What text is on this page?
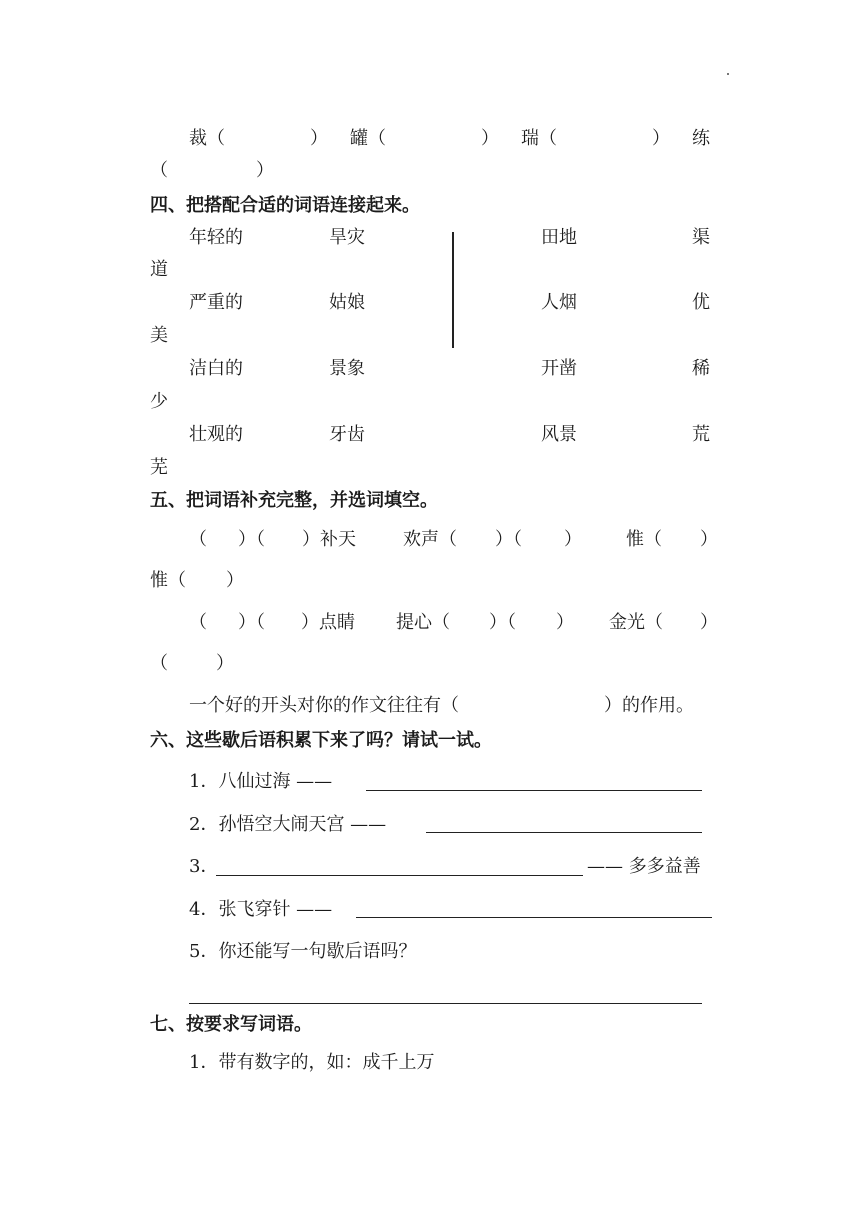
裁（	） 罐（	） 瑞（	） 练
（	）
四、把搭配合适的词语连接起来。
年轻的	旱灾	田地	渠
道
严重的	姑娘	人烟	优
美
洁白的	景象	开凿	稀
少
壮观的	牙齿	风景	荒
芜
五、把词语补充完整，并选词填空。
（ ）（ ）补天	欢声（ ）（ ） 惟（ ）
惟（ ）
（ ）（ ）点睛 提心（ ）（ ） 金光（ ）
（	）
一个好的开头对你的作文往往有（	）的作用。
六、这些歇后语积累下来了吗？请试一试。
1．八仙过海 ——
2．孙悟空大闹天宫 ——
3．	—— 多多益善
4．张飞穿针 ——
5．你还能写一句歇后语吗？
七、按要求写词语。
1．带有数字的，如：成千上万
